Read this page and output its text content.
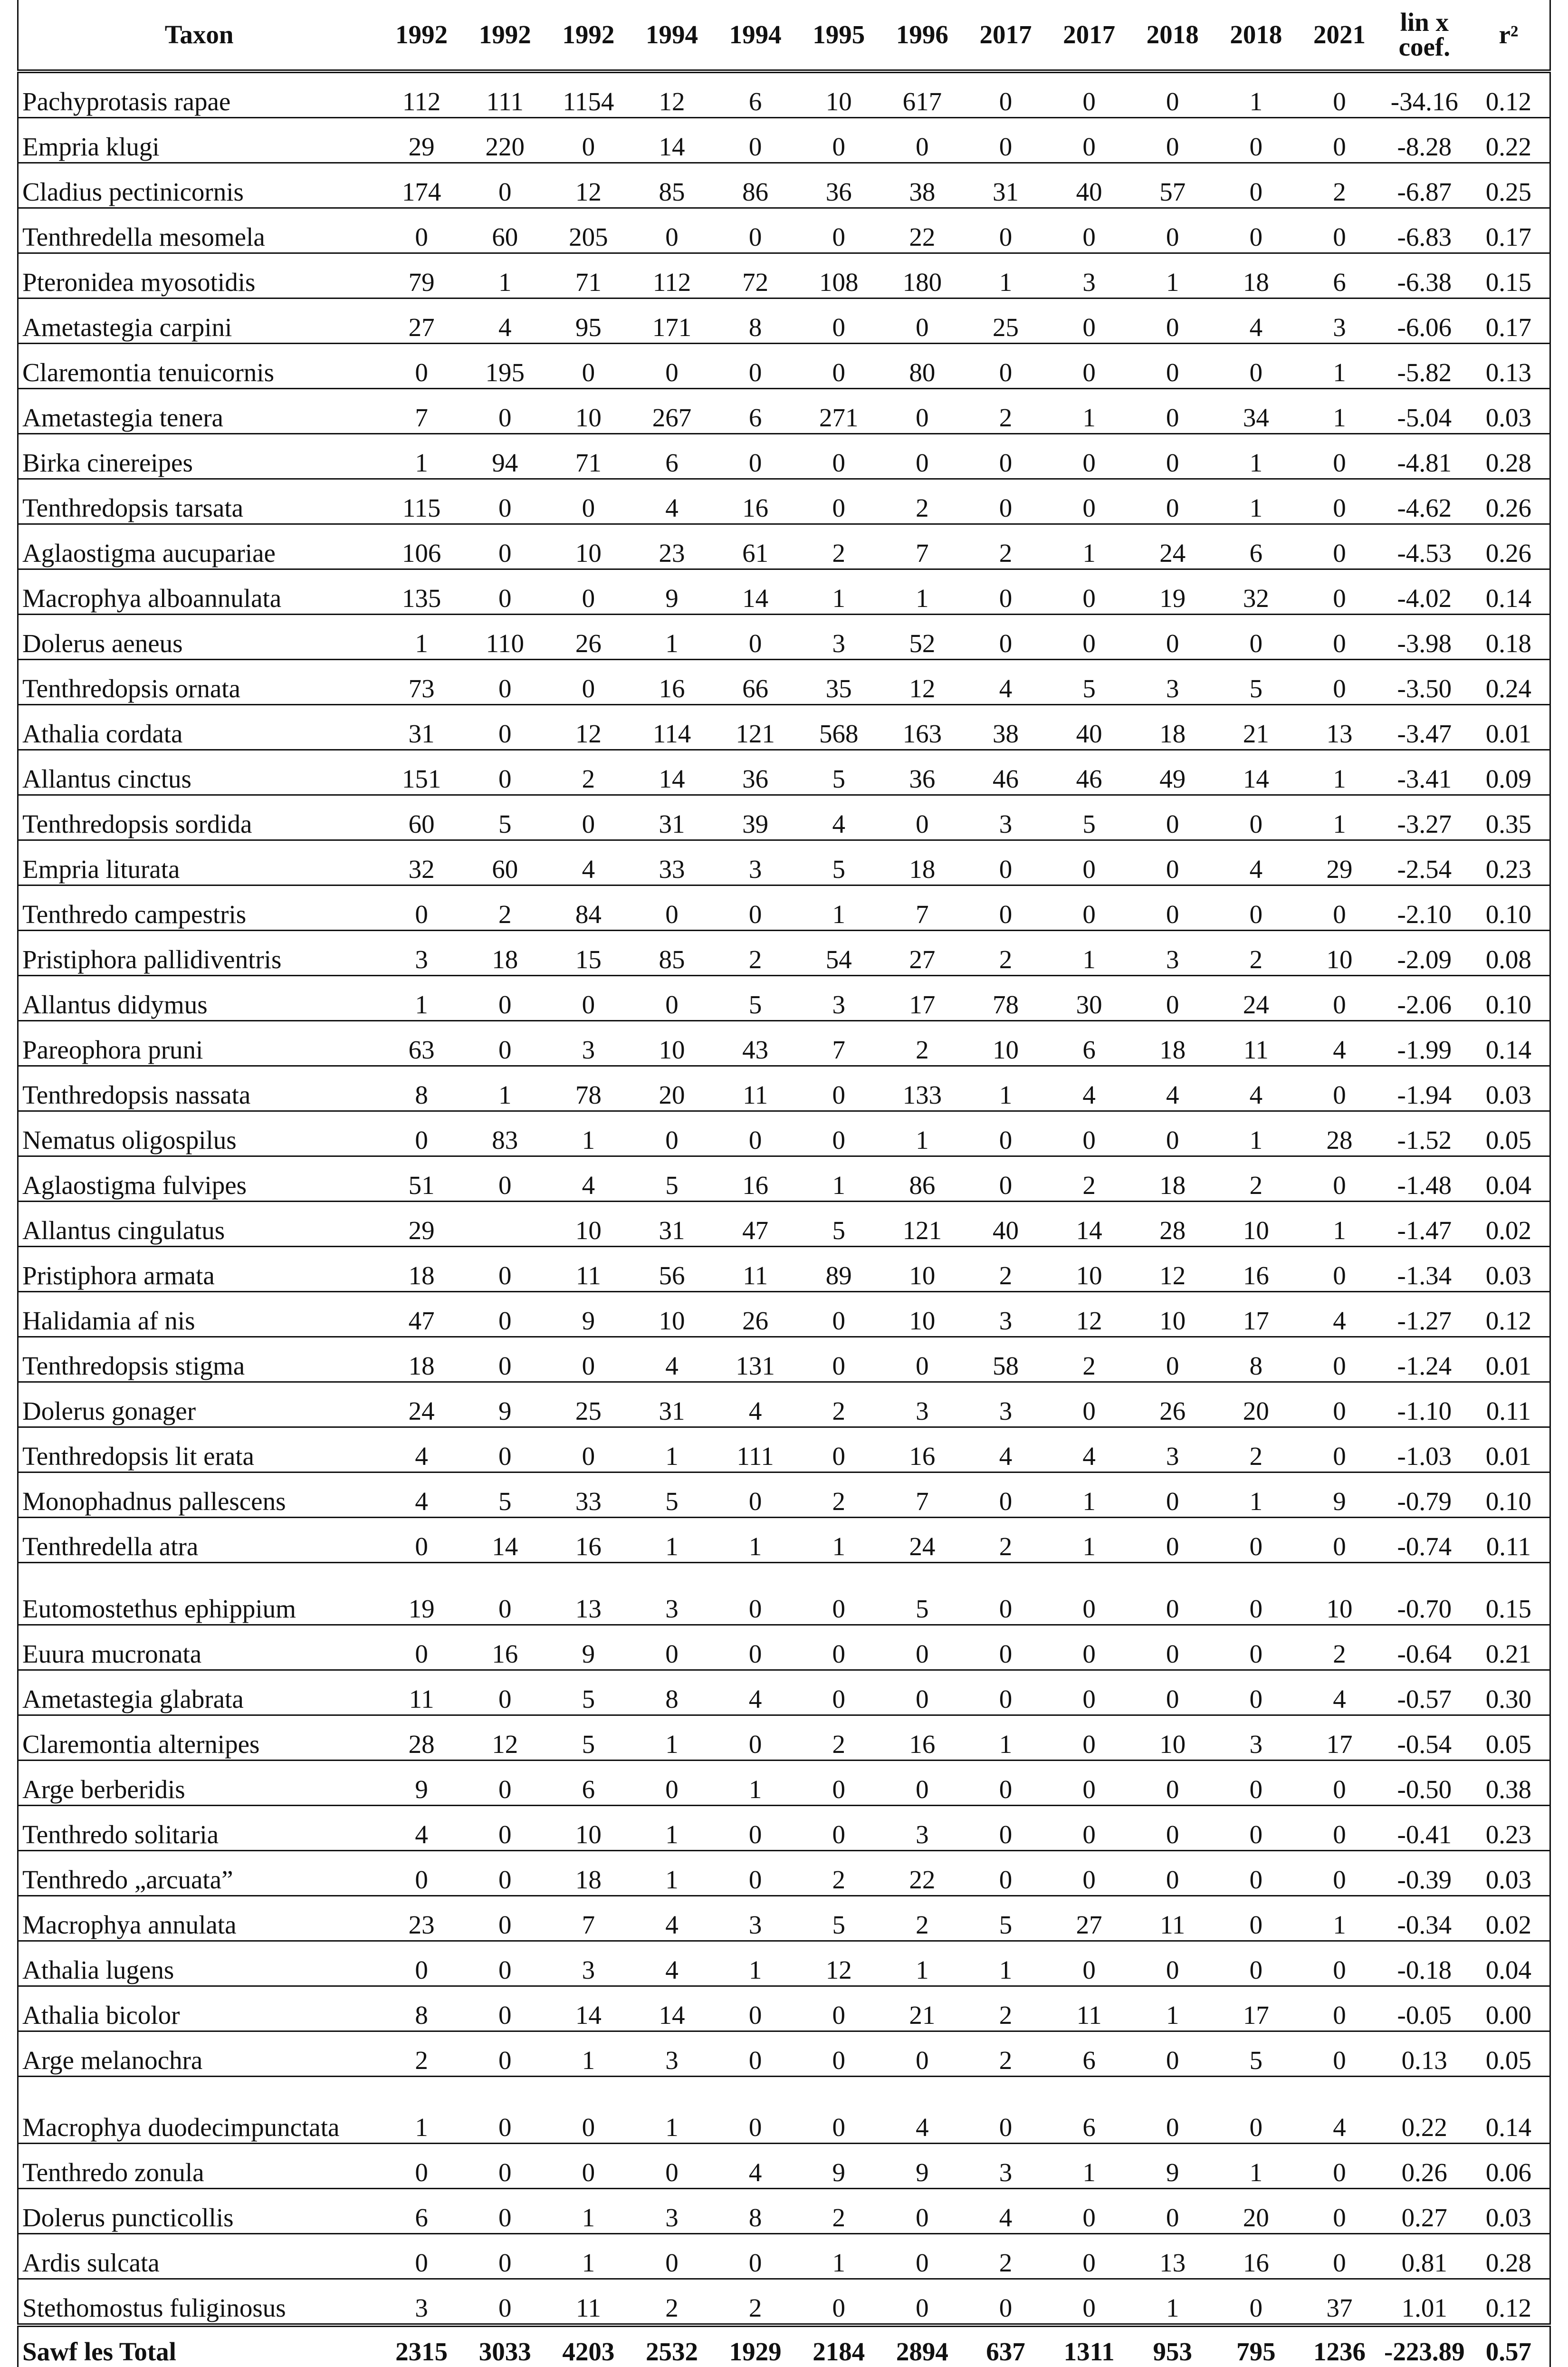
Taxon	1992	1992	1992	1994	1994	1995	1996	2017	2017	2018	2018	2021	lin x coef.	r²
Pachyprotasis rapae	112	111	1154	12	6	10	617	0	0	0	1	0	-34.16	0.12
Empria klugi	29	220	0	14	0	0	0	0	0	0	0	0	-8.28	0.22
Cladius pectinicornis	174	0	12	85	86	36	38	31	40	57	0	2	-6.87	0.25
Tenthredella mesomela	0	60	205	0	0	0	22	0	0	0	0	0	-6.83	0.17
Pteronidea myosotidis	79	1	71	112	72	108	180	1	3	1	18	6	-6.38	0.15
Ametastegia carpini	27	4	95	171	8	0	0	25	0	0	4	3	-6.06	0.17
Claremontia tenuicornis	0	195	0	0	0	0	80	0	0	0	0	1	-5.82	0.13
Ametastegia tenera	7	0	10	267	6	271	0	2	1	0	34	1	-5.04	0.03
Birka cinereipes	1	94	71	6	0	0	0	0	0	0	1	0	-4.81	0.28
Tenthredopsis tarsata	115	0	0	4	16	0	2	0	0	0	1	0	-4.62	0.26
Aglaostigma aucupariae	106	0	10	23	61	2	7	2	1	24	6	0	-4.53	0.26
Macrophya alboannulata	135	0	0	9	14	1	1	0	0	19	32	0	-4.02	0.14
Dolerus aeneus	1	110	26	1	0	3	52	0	0	0	0	0	-3.98	0.18
Tenthredopsis ornata	73	0	0	16	66	35	12	4	5	3	5	0	-3.50	0.24
Athalia cordata	31	0	12	114	121	568	163	38	40	18	21	13	-3.47	0.01
Allantus cinctus	151	0	2	14	36	5	36	46	46	49	14	1	-3.41	0.09
Tenthredopsis sordida	60	5	0	31	39	4	0	3	5	0	0	1	-3.27	0.35
Empria liturata	32	60	4	33	3	5	18	0	0	0	4	29	-2.54	0.23
Tenthredo campestris	0	2	84	0	0	1	7	0	0	0	0	0	-2.10	0.10
Pristiphora pallidiventris	3	18	15	85	2	54	27	2	1	3	2	10	-2.09	0.08
Allantus didymus	1	0	0	0	5	3	17	78	30	0	24	0	-2.06	0.10
Pareophora pruni	63	0	3	10	43	7	2	10	6	18	11	4	-1.99	0.14
Tenthredopsis nassata	8	1	78	20	11	0	133	1	4	4	4	0	-1.94	0.03
Nematus oligospilus	0	83	1	0	0	0	1	0	0	0	1	28	-1.52	0.05
Aglaostigma fulvipes	51	0	4	5	16	1	86	0	2	18	2	0	-1.48	0.04
Allantus cingulatus	29		10	31	47	5	121	40	14	28	10	1	-1.47	0.02
Pristiphora armata	18	0	11	56	11	89	10	2	10	12	16	0	-1.34	0.03
Halidamia af nis	47	0	9	10	26	0	10	3	12	10	17	4	-1.27	0.12
Tenthredopsis stigma	18	0	0	4	131	0	0	58	2	0	8	0	-1.24	0.01
Dolerus gonager	24	9	25	31	4	2	3	3	0	26	20	0	-1.10	0.11
Tenthredopsis lit erata	4	0	0	1	111	0	16	4	4	3	2	0	-1.03	0.01
Monophadnus pallescens	4	5	33	5	0	2	7	0	1	0	1	9	-0.79	0.10
Tenthredella atra	0	14	16	1	1	1	24	2	1	0	0	0	-0.74	0.11
Eutomostethus ephippium	19	0	13	3	0	0	5	0	0	0	0	10	-0.70	0.15
Euura mucronata	0	16	9	0	0	0	0	0	0	0	0	2	-0.64	0.21
Ametastegia glabrata	11	0	5	8	4	0	0	0	0	0	0	4	-0.57	0.30
Claremontia alternipes	28	12	5	1	0	2	16	1	0	10	3	17	-0.54	0.05
Arge berberidis	9	0	6	0	1	0	0	0	0	0	0	0	-0.50	0.38
Tenthredo solitaria	4	0	10	1	0	0	3	0	0	0	0	0	-0.41	0.23
Tenthredo „arcuata”	0	0	18	1	0	2	22	0	0	0	0	0	-0.39	0.03
Macrophya annulata	23	0	7	4	3	5	2	5	27	11	0	1	-0.34	0.02
Athalia lugens	0	0	3	4	1	12	1	1	0	0	0	0	-0.18	0.04
Athalia bicolor	8	0	14	14	0	0	21	2	11	1	17	0	-0.05	0.00
Arge melanochra	2	0	1	3	0	0	0	2	6	0	5	0	0.13	0.05
Macrophya duodecimpunctata	1	0	0	1	0	0	4	0	6	0	0	4	0.22	0.14
Tenthredo zonula	0	0	0	0	4	9	9	3	1	9	1	0	0.26	0.06
Dolerus puncticollis	6	0	1	3	8	2	0	4	0	0	20	0	0.27	0.03
Ardis sulcata	0	0	1	0	0	1	0	2	0	13	16	0	0.81	0.28
Stethomostus fuliginosus	3	0	11	2	2	0	0	0	0	1	0	37	1.01	0.12
Sawf les Total	2315	3033	4203	2532	1929	2184	2894	637	1311	953	795	1236	-223.89	0.57
